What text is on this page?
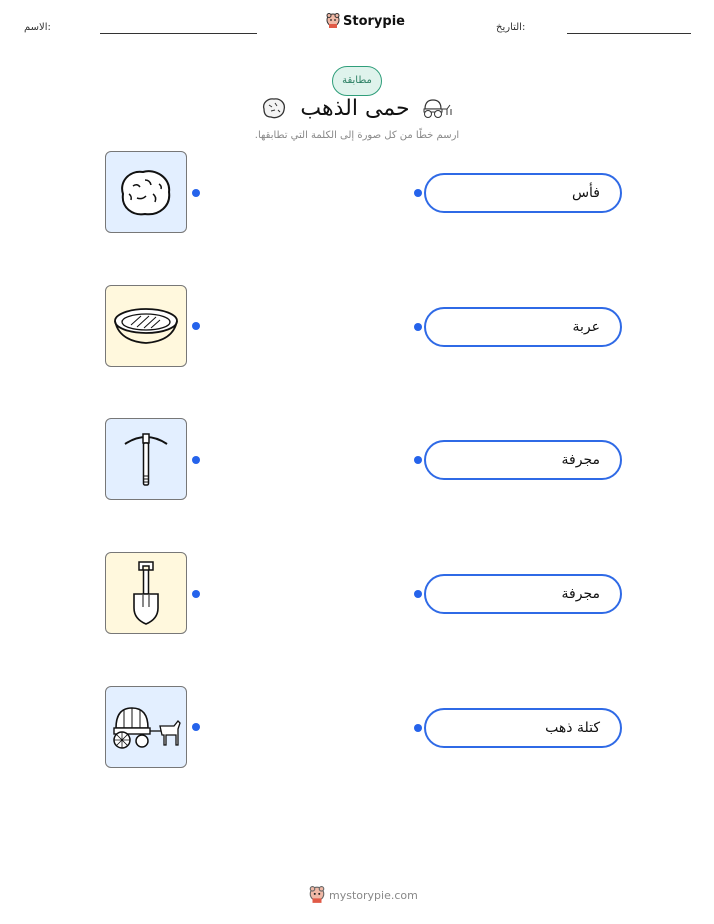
الاسم:	Storypie	التاريخ:
مطابقة
حمى الذهب
ارسم خطًا من كل صورة إلى الكلمة التي تطابقها.
فأس
عربة
مجرفة
مجرفة
كتلة ذهب
mystorypie.com
